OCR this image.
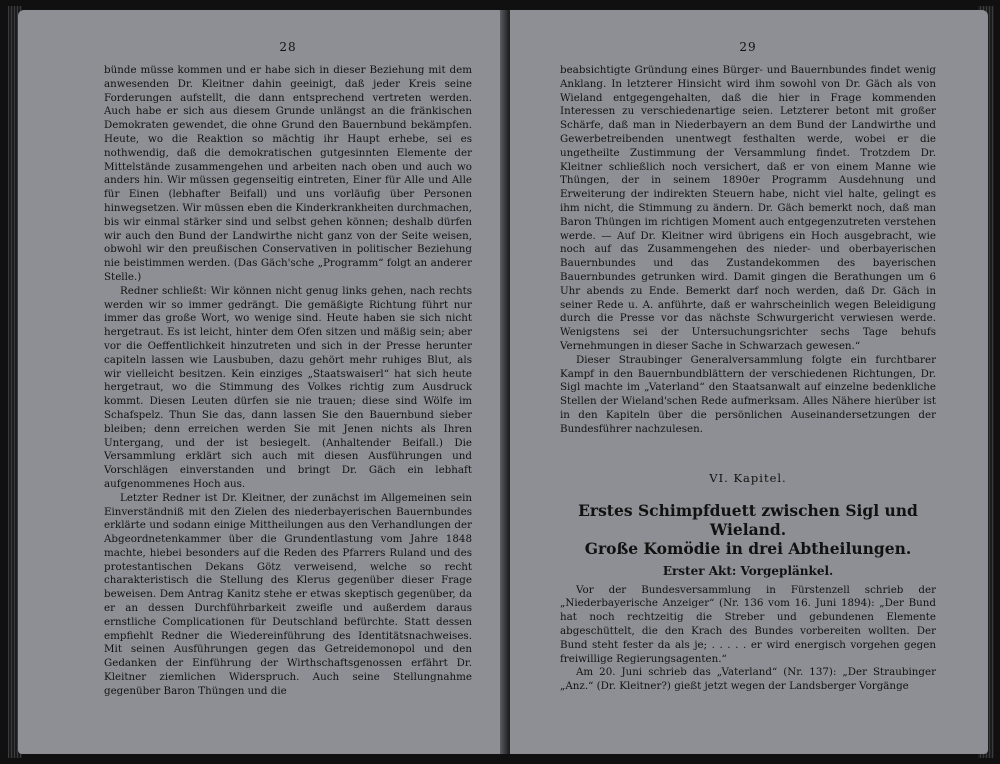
28

bünde müsse kommen und er habe sich in dieser Beziehung mit dem anwesenden Dr. Kleitner dahin geeinigt, daß jeder Kreis seine Forderungen aufstellt, die dann entsprechend vertreten werden. Auch habe er sich aus diesem Grunde unlängst an die fränkischen Demokraten gewendet, die ohne Grund den Bauernbund bekämpfen. Heute, wo die Reaktion so mächtig ihr Haupt erhebe, sei es nothwendig, daß die demokratischen gutgesinnten Elemente der Mittelstände zusammengehen und arbeiten nach oben und auch wo anders hin. Wir müssen gegenseitig eintreten, Einer für Alle und Alle für Einen (lebhafter Beifall) und uns vorläufig über Personen hinwegsetzen. Wir müssen eben die Kinderkrankheiten durchmachen, bis wir einmal stärker sind und selbst gehen können; deshalb dürfen wir auch den Bund der Landwirthe nicht ganz von der Seite weisen, obwohl wir den preußischen Conservativen in politischer Beziehung nie beistimmen werden. (Das Gäch'sche „Programm“ folgt an anderer Stelle.)

Redner schließt: Wir können nicht genug links gehen, nach rechts werden wir so immer gedrängt. Die gemäßigte Richtung führt nur immer das große Wort, wo wenige sind. Heute haben sie sich nicht hergetraut. Es ist leicht, hinter dem Ofen sitzen und mäßig sein; aber vor die Oeffentlichkeit hinzutreten und sich in der Presse herunter capiteln lassen wie Lausbuben, dazu gehört mehr ruhiges Blut, als wir vielleicht besitzen. Kein einziges „Staatswaiserl“ hat sich heute hergetraut, wo die Stimmung des Volkes richtig zum Ausdruck kommt. Diesen Leuten dürfen sie nie trauen; diese sind Wölfe im Schafspelz. Thun Sie das, dann lassen Sie den Bauernbund sieber bleiben; denn erreichen werden Sie mit Jenen nichts als Ihren Untergang, und der ist besiegelt. (Anhaltender Beifall.) Die Versammlung erklärt sich auch mit diesen Ausführungen und Vorschlägen einverstanden und bringt Dr. Gäch ein lebhaft aufgenommenes Hoch aus.

Letzter Redner ist Dr. Kleitner, der zunächst im Allgemeinen sein Einverständniß mit den Zielen des niederbayerischen Bauernbundes erklärte und sodann einige Mittheilungen aus den Verhandlungen der Abgeordnetenkammer über die Grundentlastung vom Jahre 1848 machte, hiebei besonders auf die Reden des Pfarrers Ruland und des protestantischen Dekans Götz verweisend, welche so recht charakteristisch die Stellung des Klerus gegenüber dieser Frage beweisen. Dem Antrag Kanitz stehe er etwas skeptisch gegenüber, da er an dessen Durchführbarkeit zweifle und außerdem daraus ernstliche Complicationen für Deutschland befürchte. Statt dessen empfiehlt Redner die Wiedereinführung des Identitätsnachweises. Mit seinen Ausführungen gegen das Getreidemonopol und den Gedanken der Einführung der Wirthschaftsgenossen erfährt Dr. Kleitner ziemlichen Widerspruch. Auch seine Stellungnahme gegenüber Baron Thüngen und die

29

beabsichtigte Gründung eines Bürger- und Bauernbundes findet wenig Anklang. In letzterer Hinsicht wird ihm sowohl von Dr. Gäch als von Wieland entgegengehalten, daß die hier in Frage kommenden Interessen zu verschiedenartige seien. Letzterer betont mit großer Schärfe, daß man in Niederbayern an dem Bund der Landwirthe und Gewerbetreibenden unentwegt festhalten werde, wobei er die ungetheilte Zustimmung der Versammlung findet. Trotzdem Dr. Kleitner schließlich noch versichert, daß er von einem Manne wie Thüngen, der in seinem 1890er Programm Ausdehnung und Erweiterung der indirekten Steuern habe, nicht viel halte, gelingt es ihm nicht, die Stimmung zu ändern. Dr. Gäch bemerkt noch, daß man Baron Thüngen im richtigen Moment auch entgegenzutreten verstehen werde. — Auf Dr. Kleitner wird übrigens ein Hoch ausgebracht, wie noch auf das Zusammengehen des nieder- und oberbayerischen Bauernbundes und das Zustandekommen des bayerischen Bauernbundes getrunken wird. Damit gingen die Berathungen um 6 Uhr abends zu Ende. Bemerkt darf noch werden, daß Dr. Gäch in seiner Rede u. A. anführte, daß er wahrscheinlich wegen Beleidigung durch die Presse vor das nächste Schwurgericht verwiesen werde. Wenigstens sei der Untersuchungsrichter sechs Tage behufs Vernehmungen in dieser Sache in Schwarzach gewesen.“

Dieser Straubinger Generalversammlung folgte ein furchtbarer Kampf in den Bauernbundblättern der verschiedenen Richtungen, Dr. Sigl machte im „Vaterland“ den Staatsanwalt auf einzelne bedenkliche Stellen der Wieland'schen Rede aufmerksam. Alles Nähere hierüber ist in den Kapiteln über die persönlichen Auseinandersetzungen der Bundesführer nachzulesen.

VI. Kapitel.
Erstes Schimpfduett zwischen Sigl und Wieland.
Große Komödie in drei Abtheilungen.
Erster Akt: Vorgeplänkel.

Vor der Bundesversammlung in Fürstenzell schrieb der „Niederbayerische Anzeiger“ (Nr. 136 vom 16. Juni 1894): „Der Bund hat noch rechtzeitig die Streber und gebundenen Elemente abgeschüttelt, die den Krach des Bundes vorbereiten wollten. Der Bund steht fester da als je; . . . . . er wird energisch vorgehen gegen freiwillige Regierungsagenten.“

Am 20. Juni schrieb das „Vaterland“ (Nr. 137): „Der Straubinger „Anz.“ (Dr. Kleitner?) gießt jetzt wegen der Landsberger Vorgänge
